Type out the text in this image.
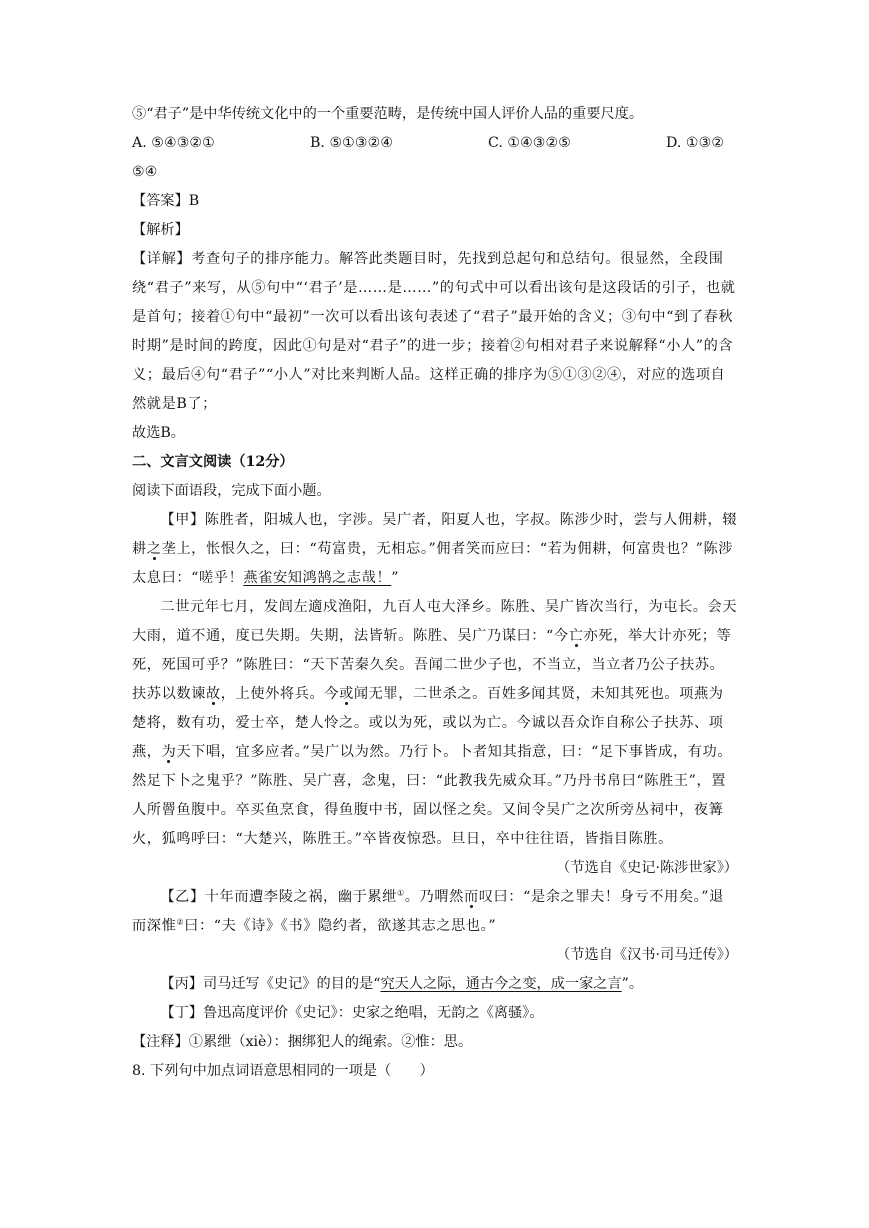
⑤“君子”是中华传统文化中的一个重要范畴，是传统中国人评价人品的重要尺度。

A. ⑤④③②①	B. ⑤①③②④	C. ①④③②⑤	D. ①③②

⑤④

【答案】B

【解析】

【详解】考查句子的排序能力。解答此类题目时，先找到总起句和总结句。很显然，全段围绕“君子”来写，从⑤句中“‘君子’是……是……”的句式中可以看出该句是这段话的引子，也就是首句；接着①句中“最初”一次可以看出该句表述了“君子”最开始的含义；③句中“到了春秋时期”是时间的跨度，因此①句是对“君子”的进一步；接着②句相对君子来说解释“小人”的含义；最后④句“君子”“小人”对比来判断人品。这样正确的排序为⑤①③②④，对应的选项自然就是B了；

故选B。

二、文言文阅读（12分）

阅读下面语段，完成下面小题。

【甲】陈胜者，阳城人也，字涉。吴广者，阳夏人也，字叔。陈涉少时，尝与人佣耕，辍耕之垄上，怅恨久之，曰：“苟富贵，无相忘。”佣者笑而应曰：“若为佣耕，何富贵也？”陈涉太息曰：“嗟乎！燕雀安知鸿鹄之志哉！”

二世元年七月，发闾左適戍渔阳，九百人屯大泽乡。陈胜、吴广皆次当行，为屯长。会天大雨，道不通，度已失期。失期，法皆斩。陈胜、吴广乃谋曰：“今亡亦死，举大计亦死；等死，死国可乎？”陈胜曰：“天下苦秦久矣。吾闻二世少子也，不当立，当立者乃公子扶苏。扶苏以数谏故，上使外将兵。今或闻无罪，二世杀之。百姓多闻其贤，未知其死也。项燕为楚将，数有功，爱士卒，楚人怜之。或以为死，或以为亡。今诚以吾众诈自称公子扶苏、项燕，为天下唱，宜多应者。”吴广以为然。乃行卜。卜者知其指意，曰：“足下事皆成，有功。然足下卜之鬼乎？”陈胜、吴广喜，念鬼，曰：“此教我先威众耳。”乃丹书帛曰“陈胜王”，置人所罾鱼腹中。卒买鱼烹食，得鱼腹中书，固以怪之矣。又间令吴广之次所旁丛祠中，夜篝火，狐鸣呼曰：“大楚兴，陈胜王。”卒皆夜惊恐。旦日，卒中往往语，皆指目陈胜。

（节选自《史记·陈涉世家》）

【乙】十年而遭李陵之祸，幽于累绁①。乃喟然而叹曰：“是余之罪夫！身亏不用矣。”退而深惟②曰：“夫《诗》《书》隐约者，欲遂其志之思也。”

（节选自《汉书·司马迁传》）

【丙】司马迁写《史记》的目的是“究天人之际，通古今之变，成一家之言”。

【丁】鲁迅高度评价《史记》：史家之绝唱，无韵之《离骚》。

【注释】①累绁（xiè）：捆绑犯人的绳索。②惟：思。

8. 下列句中加点词语意思相同的一项是（　　）
